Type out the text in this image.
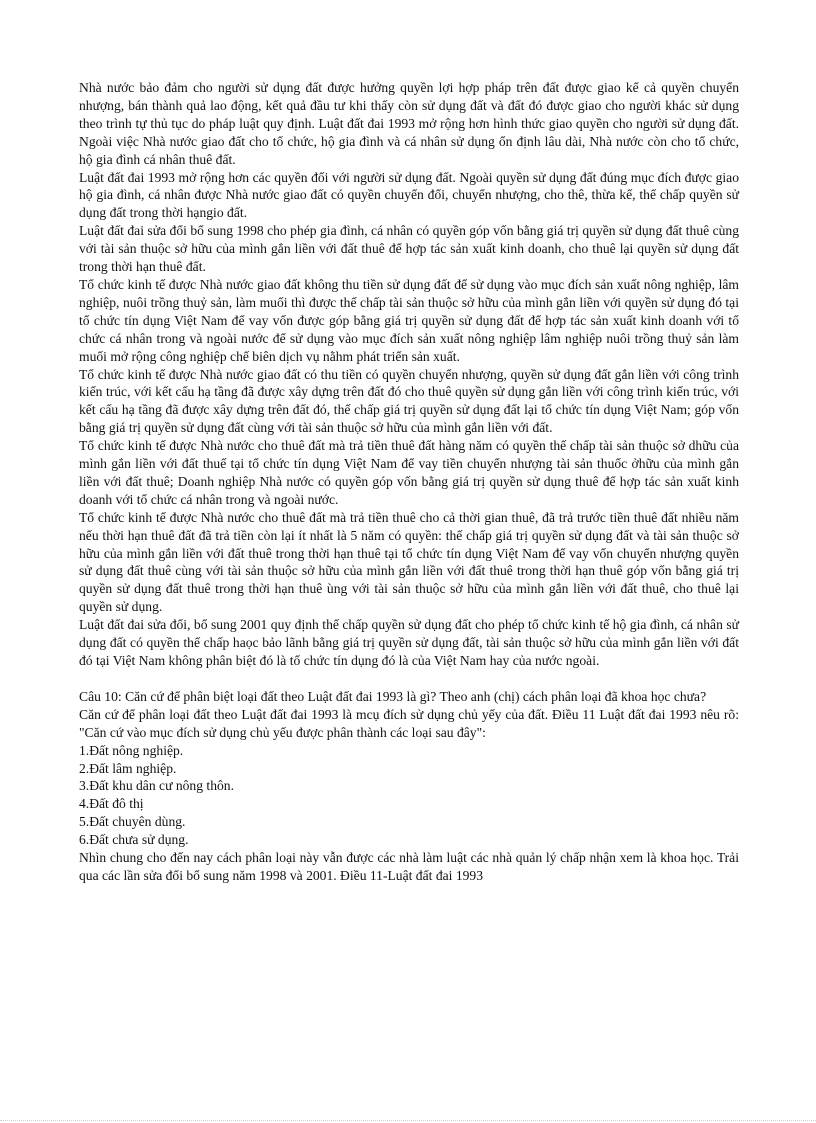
Nhà nước bảo đảm cho người sử dụng đất được hưởng quyền lợi hợp pháp trên đất được giao kể cả quyền chuyển nhượng, bán thành quả lao động, kết quả đầu tư khi thấy còn sử dụng đất và đất đó được giao cho người khác sử dụng theo trình tự thủ tục do pháp luật quy định. Luật đất đai 1993 mở rộng hơn hình thức giao quyền cho người sử dụng đất. Ngoài việc Nhà nước giao đất cho tổ chức, hộ gia đình và cá nhân sử dụng ổn định lâu dài, Nhà nước còn cho tổ chức, hộ gia đình cá nhân thuê đất.

Luật đất đai 1993 mở rộng hơn các quyền đối với người sử dụng đất. Ngoài quyền sử dụng đất đúng mục đích được giao hộ gia đình, cá nhân được Nhà nước giao đất có quyền chuyển đổi, chuyển nhượng, cho thê, thừa kế, thế chấp quyền sử dụng đất trong thời hạngio đất.

Luật đất đai sửa đổi bổ sung 1998 cho phép gia đình, cá nhân có quyền góp vốn bằng giá trị quyền sử dụng đất thuê cùng với tài sản thuộc sở hữu của mình gắn liền với đất thuê để hợp tác sản xuất kinh doanh, cho thuê lại quyền sử dụng đất trong thời hạn thuê đất.

Tổ chức kinh tế được Nhà nước giao đất không thu tiền sử dụng đất để sử dụng vào mục đích sản xuất nông nghiệp, lâm nghiệp, nuôi trồng thuỷ sản, làm muối thì được thế chấp tài sản thuộc sở hữu của mình gắn liền với quyền sử dụng đó tại tổ chức tín dụng Việt Nam để vay vốn được góp bằng giá trị quyền sử dụng đất để hợp tác sản xuất kinh doanh với tổ chức cá nhân trong và ngoài nước để sử dụng vào mục đích sản xuất nông nghiệp lâm nghiệp nuôi trồng thuỷ sản làm muối mở rộng công nghiệp chế biên dịch vụ nằhm phát triển sản xuất.

Tổ chức kinh tế được Nhà nước giao đất có thu tiền có quyền chuyển nhượng, quyền sử dụng đất gắn liền với công trình kiến trúc, với kết cấu hạ tầng đã được xây dựng trên đất đó cho thuê quyền sử dụng gắn liền với công trình kiến trúc, với kết cấu hạ tầng đã được xây dựng trên đất đó, thế chấp giá trị quyền sử dụng đất lại tổ chức tín dụng Việt Nam; góp vốn bằng giá trị quyền sử dụng đất cùng với tài sản thuộc sở hữu của mình gắn liền với đất.

Tổ chức kinh tế được Nhà nước cho thuê đất mà trả tiền thuê đất hàng năm có quyền thế chấp tài sản thuộc sở dhữu của mình gắn liền với đất thuế tại tổ chức tín dụng Việt Nam để vay tiền chuyển nhượng tài sản thuốc ởhữu của mình gắn liền với đất thuê; Doanh nghiệp Nhà nước có quyền góp vốn bằng giá trị quyền sử dụng thuê để hợp tác sản xuất kinh doanh với tổ chức cá nhân trong và ngoài nước.

Tổ chức kinh tế được Nhà nước cho thuê đất mà trả tiền thuê cho cả thời gian thuê, đã trả trước tiền thuê đất nhiều năm nếu thời hạn thuê đất đã trả tiền còn lại ít nhất là 5 năm có quyền: thế chấp giá trị quyền sử dụng đất và tài sản thuộc sở hữu của mình gắn liền với đất thuê trong thời hạn thuê tại tổ chức tín dụng Việt Nam để vay vốn chuyển nhượng quyền sử dụng đất thuê cùng với tài sản thuộc sở hữu của mình gắn liền với đất thuê trong thời hạn thuê góp vốn bằng giá trị quyền sử dụng đất thuê trong thời hạn thuê ùng với tài sản thuộc sở hữu của mình gắn liền với đất thuê, cho thuê lại quyền sử dụng.

Luật đất đai sửa đổi, bổ sung 2001 quy định thế chấp quyền sử dụng đất cho phép tổ chức kinh tế hộ gia đình, cá nhân sử dụng đất có quyền thế chấp haọc bảo lãnh bằng giá trị quyền sử dụng đất, tài sản thuộc sở hữu của mình gắn liền với đất đó tại Việt Nam không phân biệt đó là tổ chức tín dụng đó là của Việt Nam hay của nước ngoài.

Câu 10: Căn cứ để phân biệt loại đất theo Luật đất đai 1993 là gì? Theo anh (chị) cách phân loại đã khoa học chưa?

Căn cứ để phân loại đất theo Luật đất đai 1993 là mcụ đích sử dụng chủ yếy của đất. Điều 11 Luật đất đai 1993 nêu rõ: "Căn cứ vào mục đích sử dụng chủ yếu được phân thành các loại sau đây":

1.Đất nông nghiệp.

2.Đất lâm nghiệp.

3.Đất khu dân cư nông thôn.

4.Đất đô thị

5.Đất chuyên dùng.

6.Đất chưa sử dụng.

Nhìn chung cho đến nay cách phân loại này vẫn được các nhà làm luật các nhà quản lý chấp nhận xem là khoa học. Trải qua các lần sửa đổi bổ sung năm 1998 và 2001. Điều 11-Luật đất đai 1993
